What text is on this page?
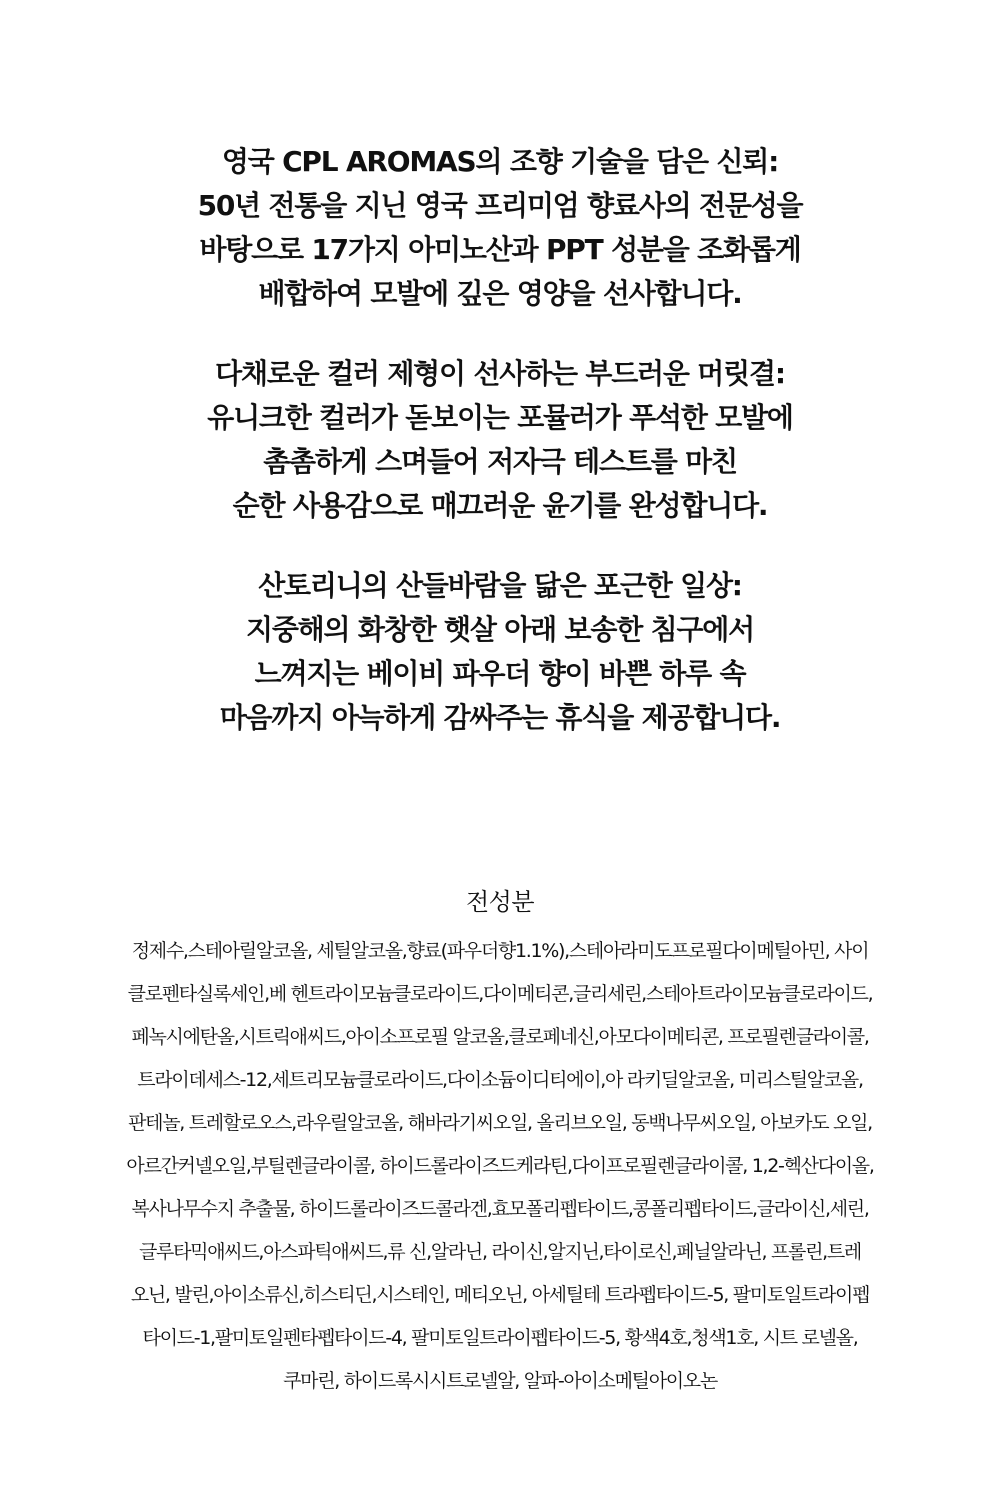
영국 CPL AROMAS의 조향 기술을 담은 신뢰:
50년 전통을 지닌 영국 프리미엄 향료사의 전문성을
바탕으로 17가지 아미노산과 PPT 성분을 조화롭게
배합하여 모발에 깊은 영양을 선사합니다.
다채로운 컬러 제형이 선사하는 부드러운 머릿결:
유니크한 컬러가 돋보이는 포뮬러가 푸석한 모발에
촘촘하게 스며들어 저자극 테스트를 마친
순한 사용감으로 매끄러운 윤기를 완성합니다.
산토리니의 산들바람을 닮은 포근한 일상:
지중해의 화창한 햇살 아래 보송한 침구에서
느껴지는 베이비 파우더 향이 바쁜 하루 속
마음까지 아늑하게 감싸주는 휴식을 제공합니다.
전성분
정제수,스테아릴알코올, 세틸알코올,향료(파우더향1.1%),스테아라미도프로필다이메틸아민, 사이
클로펜타실록세인,베 헨트라이모늄클로라이드,다이메티콘,글리세린,스테아트라이모늄클로라이드,
페녹시에탄올,시트릭애씨드,아이소프로필 알코올,클로페네신,아모다이메티콘, 프로필렌글라이콜,
트라이데세스-12,세트리모늄클로라이드,다이소듐이디티에이,아 라키딜알코올, 미리스틸알코올,
판테놀, 트레할로오스,라우릴알코올, 해바라기씨오일, 올리브오일, 동백나무씨오일, 아보카도 오일,
아르간커넬오일,부틸렌글라이콜, 하이드롤라이즈드케라틴,다이프로필렌글라이콜, 1,2-헥산다이올,
복사나무수지 추출물, 하이드롤라이즈드콜라겐,효모폴리펩타이드,콩폴리펩타이드,글라이신,세린,
글루타믹애씨드,아스파틱애씨드,류 신,알라닌, 라이신,알지닌,타이로신,페닐알라닌, 프롤린,트레
오닌, 발린,아이소류신,히스티딘,시스테인, 메티오닌, 아세틸테 트라펩타이드-5, 팔미토일트라이펩
타이드-1,팔미토일펜타펩타이드-4, 팔미토일트라이펩타이드-5, 황색4호,청색1호, 시트 로넬올,
쿠마린, 하이드록시시트로넬알, 알파-아이소메틸아이오논
